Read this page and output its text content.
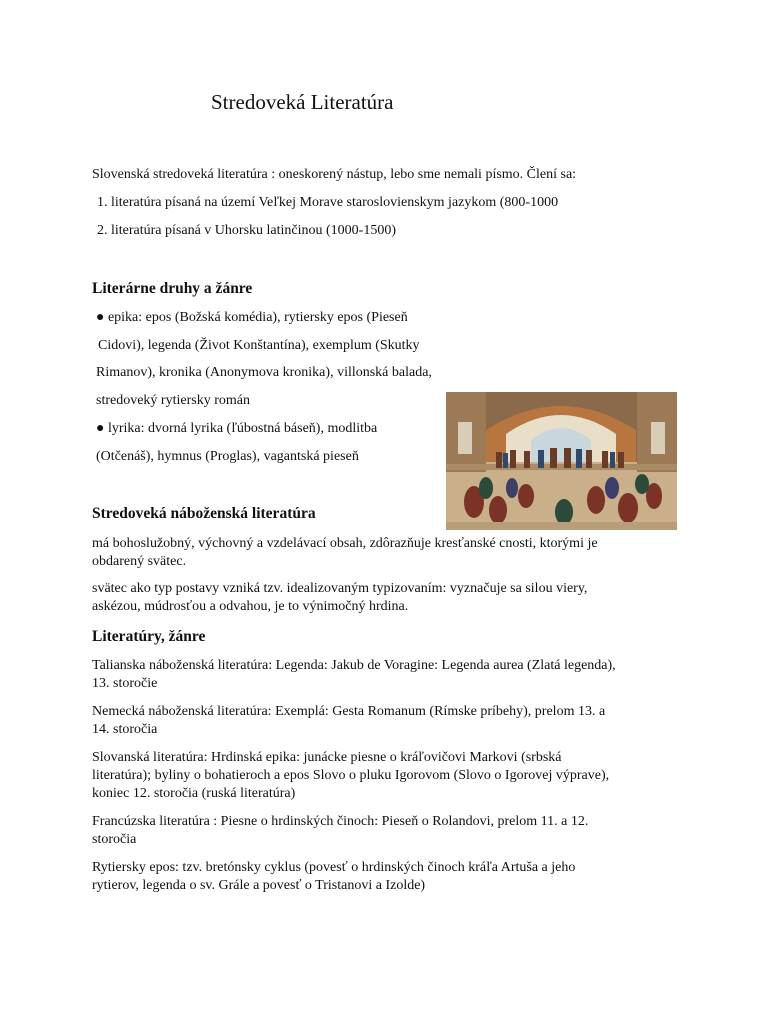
Stredoveká Literatúra
Slovenská stredoveká literatúra : oneskorený nástup, lebo sme nemali písmo. Člení sa:
1. literatúra písaná na území Veľkej Morave staroslovienskym jazykom (800-1000
2. literatúra písaná v Uhorsku latinčinou (1000-1500)
Literárne druhy a žánre
● epika: epos (Božská komédia), rytiersky epos (Pieseň
Cidovi), legenda (Život Konštantína), exemplum (Skutky
Rimanov), kronika (Anonymova kronika), villonská balada,
stredoveký rytiersky román
● lyrika: dvorná lyrika (ľúbostná báseň), modlitba
(Otčenáš), hymnus (Proglas), vagantská pieseň
Stredoveká náboženská literatúra
má bohoslužobný, výchovný a vzdelávací obsah, zdôrazňuje kresťanské cnosti, ktorými je
obdarený svätec.
svätec ako typ postavy vzniká tzv. idealizovaným typizovaním: vyznačuje sa silou viery,
askézou, múdrosťou a odvahou, je to výnimočný hrdina.
Literatúry, žánre
Talianska náboženská literatúra: Legenda: Jakub de Voragine: Legenda aurea (Zlatá legenda),
13. storočie
Nemecká náboženská literatúra: Exemplá: Gesta Romanum (Rímske príbehy), prelom 13. a
14. storočia
Slovanská literatúra: Hrdinská epika: junácke piesne o kráľovičovi Markovi (srbská
literatúra); byliny o bohatieroch a epos Slovo o pluku Igorovom (Slovo o Igorovej výprave),
koniec 12. storočia (ruská literatúra)
Francúzska literatúra : Piesne o hrdinských činoch: Pieseň o Rolandovi, prelom 11. a 12.
storočia
Rytiersky epos: tzv. bretónsky cyklus (povesť o hrdinských činoch kráľa Artuša a jeho
rytierov, legenda o sv. Grále a povesť o Tristanovi a Izolde)
